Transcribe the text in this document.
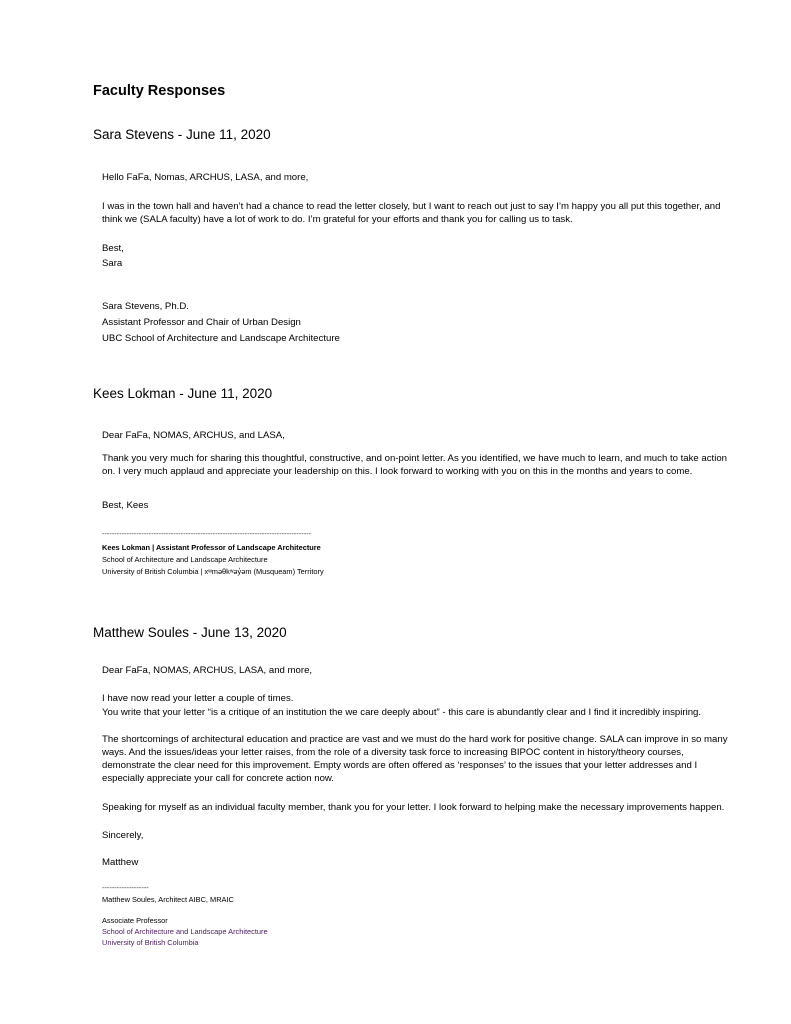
Faculty Responses
Sara Stevens - June 11, 2020
Hello FaFa, Nomas, ARCHUS, LASA, and more,
I was in the town hall and haven’t had a chance to read the letter closely, but I want to reach out just to say I’m happy you all put this together, and think we (SALA faculty) have a lot of work to do. I’m grateful for your efforts and thank you for calling us to task.
Best,
Sara
Sara Stevens, Ph.D.
Assistant Professor and Chair of Urban Design
UBC School of Architecture and Landscape Architecture
Kees Lokman - June 11, 2020
Dear FaFa, NOMAS, ARCHUS, and LASA,
Thank you very much for sharing this thoughtful, constructive, and on-point letter. As you identified, we have much to learn, and much to take action on. I very much applaud and appreciate your leadership on this. I look forward to working with you on this in the months and years to come.
Best, Kees
-------------------------------------------------------------------------------------
Kees Lokman | Assistant Professor of Landscape Architecture
School of Architecture and Landscape Architecture
University of British Columbia | xʷməθkʷəy̓əm (Musqueam) Territory
Matthew Soules - June 13, 2020
Dear FaFa, NOMAS, ARCHUS, LASA, and more,
I have now read your letter a couple of times.
You write that your letter “is a critique of an institution the we care deeply about” - this care is abundantly clear and I find it incredibly inspiring.
The shortcomings of architectural education and practice are vast and we must do the hard work for positive change. SALA can improve in so many ways. And the issues/ideas your letter raises, from the role of a diversity task force to increasing BIPOC content in history/theory courses, demonstrate the clear need for this improvement. Empty words are often offered as ‘responses’ to the issues that your letter addresses and I especially appreciate your call for concrete action now.
Speaking for myself as an individual faculty member, thank you for your letter. I look forward to helping make the necessary improvements happen.
Sincerely,
Matthew
-------------------
Matthew Soules, Architect AIBC, MRAIC
Associate Professor
School of Architecture and Landscape Architecture
University of British Columbia
